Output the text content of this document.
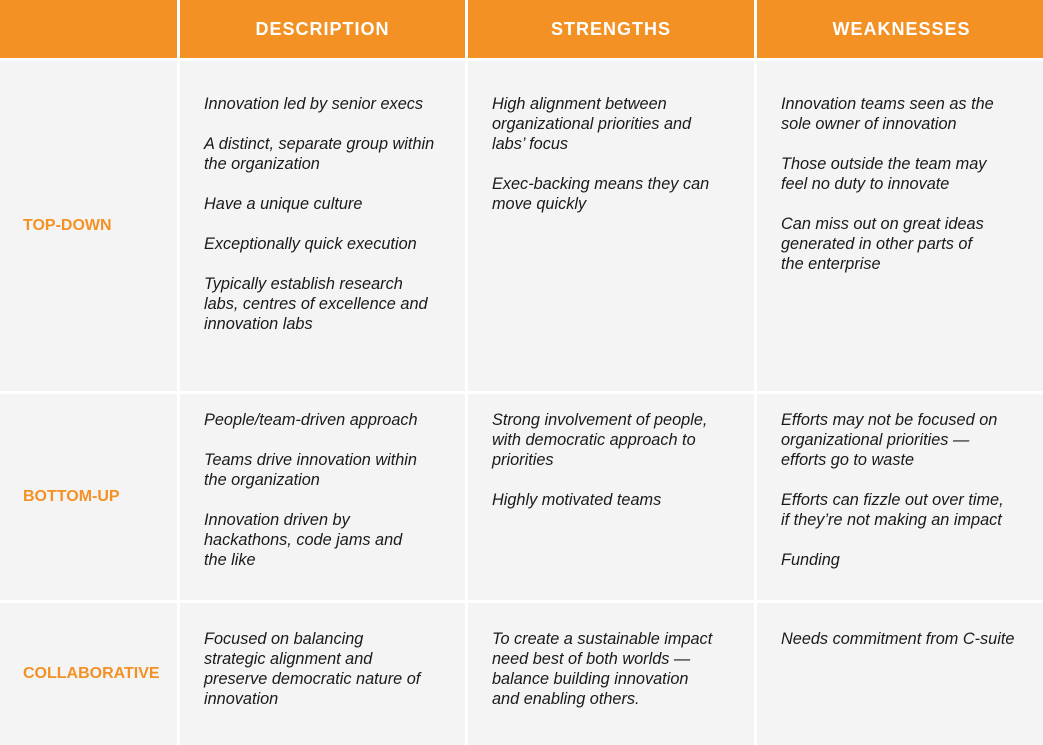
DESCRIPTION	STRENGTHS	WEAKNESSES
TOP-DOWN

Innovation led by senior execs

A distinct, separate group within
the organization

Have a unique culture

Exceptionally quick execution

Typically establish research
labs, centres of excellence and
innovation labs

High alignment between
organizational priorities and
labs’ focus

Exec-backing means they can
move quickly

Innovation teams seen as the
sole owner of innovation

Those outside the team may
feel no duty to innovate

Can miss out on great ideas
generated in other parts of
the enterprise

BOTTOM-UP

People/team-driven approach

Teams drive innovation within
the organization

Innovation driven by
hackathons, code jams and
the like

Strong involvement of people,
with democratic approach to
priorities

Highly motivated teams

Efforts may not be focused on
organizational priorities —
efforts go to waste

Efforts can fizzle out over time,
if they’re not making an impact

Funding

COLLABORATIVE

Focused on balancing
strategic alignment and
preserve democratic nature of
innovation

To create a sustainable impact
need best of both worlds —
balance building innovation
and enabling others.

Needs commitment from C-suite
